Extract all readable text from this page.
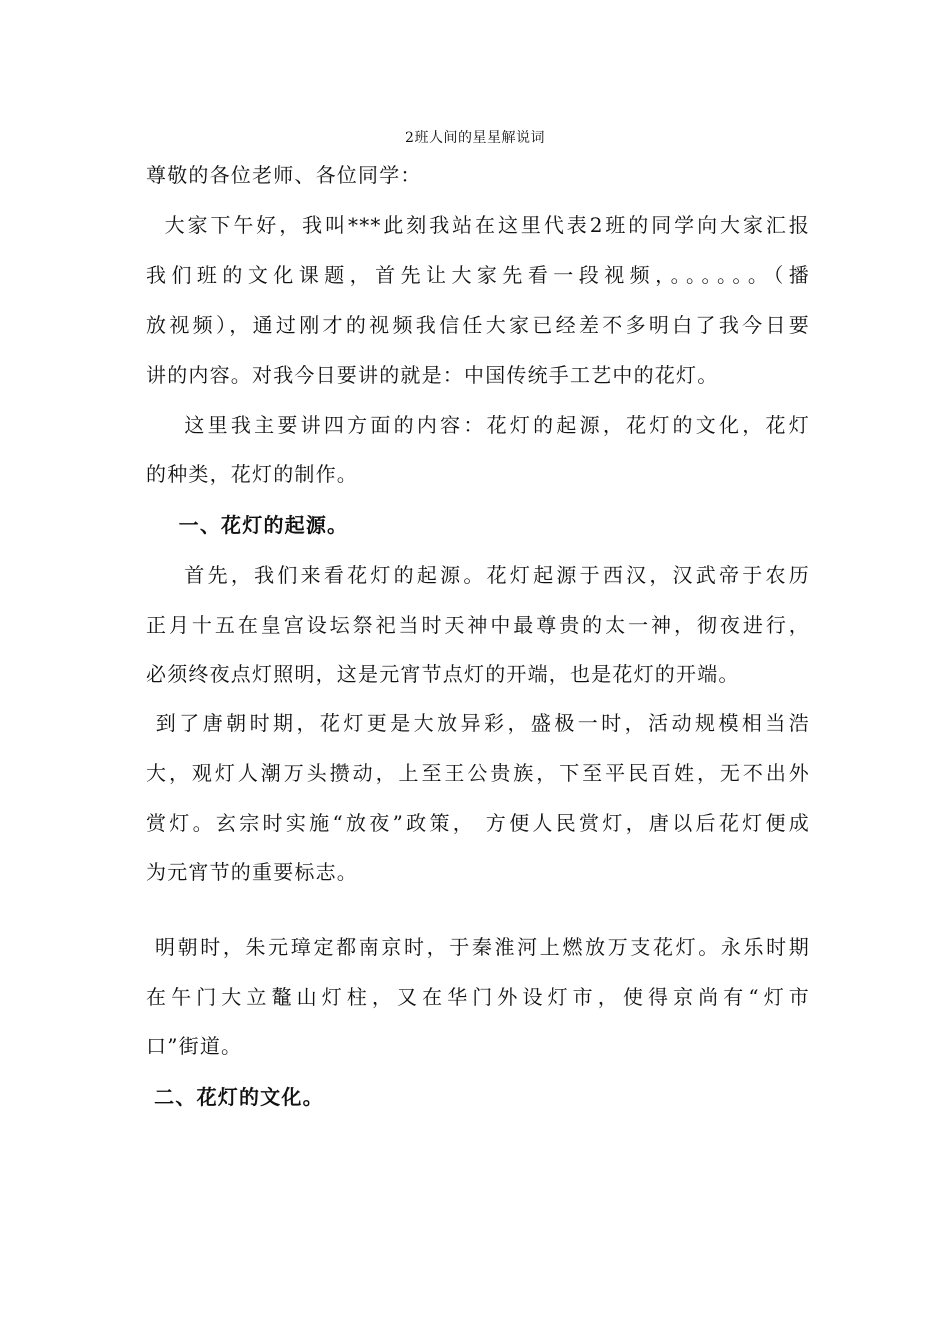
2班人间的星星解说词
尊敬的各位老师、各位同学：
大家下午好，我叫***此刻我站在这里代表2班的同学向大家汇报
我们班的文化课题，首先让大家先看一段视频，。。。。。。（播
放视频），通过刚才的视频我信任大家已经差不多明白了我今日要
讲的内容。对我今日要讲的就是：中国传统手工艺中的花灯。
这里我主要讲四方面的内容：花灯的起源，花灯的文化，花灯
的种类，花灯的制作。
一、花灯的起源。
首先，我们来看花灯的起源。花灯起源于西汉，汉武帝于农历
正月十五在皇宫设坛祭祀当时天神中最尊贵的太一神，彻夜进行，
必须终夜点灯照明，这是元宵节点灯的开端，也是花灯的开端。
到了唐朝时期，花灯更是大放异彩，盛极一时，活动规模相当浩
大，观灯人潮万头攒动，上至王公贵族，下至平民百姓，无不出外
赏灯。玄宗时实施“放夜”政策， 方便人民赏灯，唐以后花灯便成
为元宵节的重要标志。
明朝时，朱元璋定都南京时，于秦淮河上燃放万支花灯。永乐时期
在午门大立鼇山灯柱，又在华门外设灯市，使得京尚有“灯市
口”街道。
二、花灯的文化。
